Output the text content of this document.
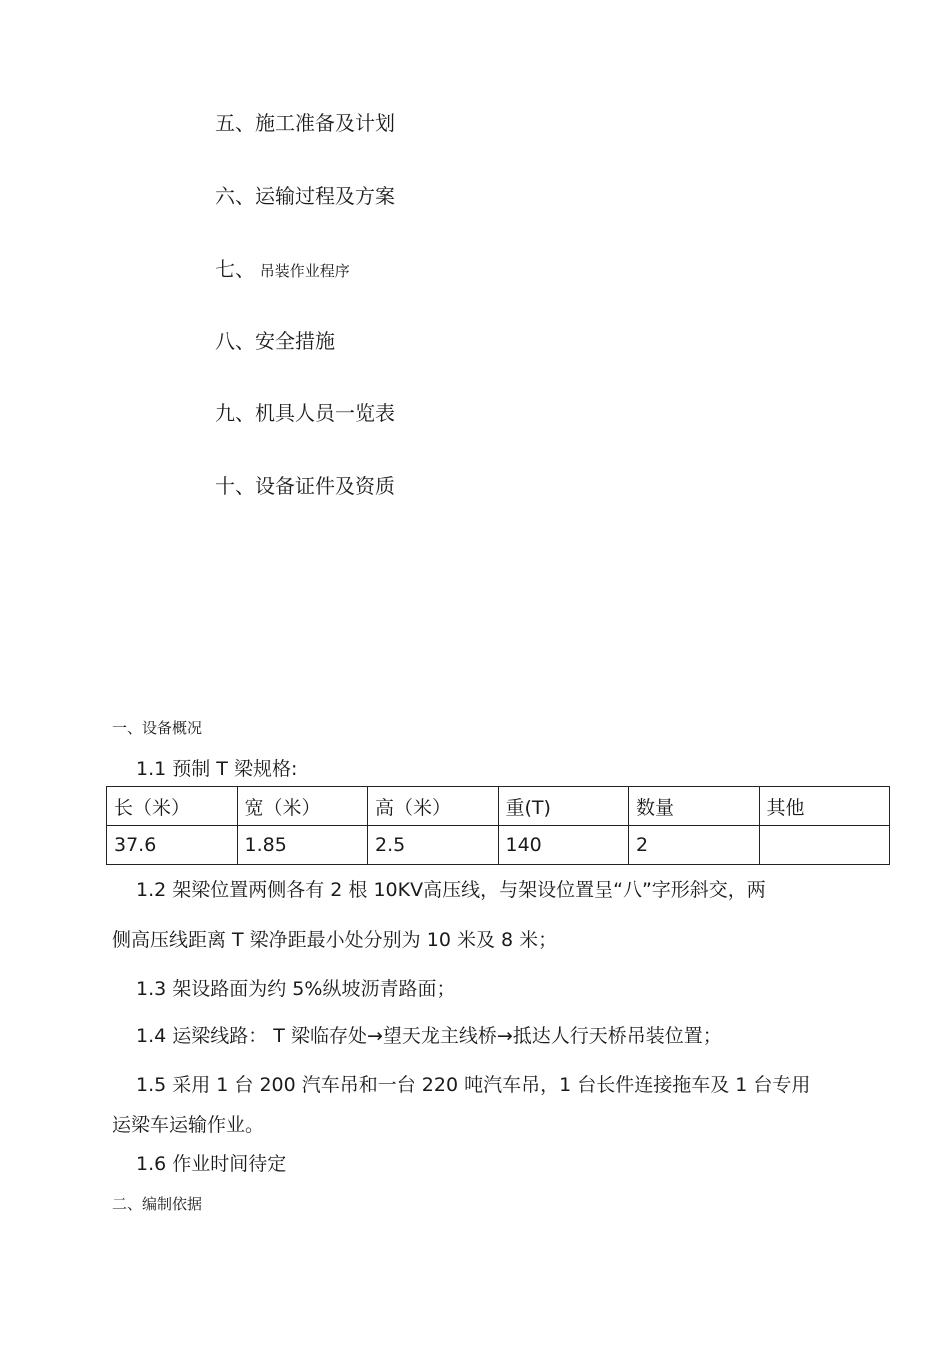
五、施工准备及计划
六、运输过程及方案
七、 吊装作业程序
八、安全措施
九、机具人员一览表
十、设备证件及资质
一、设备概况
1.1 预制 T 梁规格:
长（米）	宽（米）	高（米）	重(T)	数量	其他
37.6	1.85	2.5	140	2	
1.2 架梁位置两侧各有 2 根 10KV高压线，与架设位置呈“八”字形斜交，两
侧高压线距离 T 梁净距最小处分别为 10 米及 8 米；
1.3 架设路面为约 5%纵坡沥青路面；
1.4 运梁线路： T 梁临存处→望天龙主线桥→抵达人行天桥吊装位置；
1.5 采用 1 台 200 汽车吊和一台 220 吨汽车吊，1 台长件连接拖车及 1 台专用
运梁车运输作业。
1.6 作业时间待定
二、编制依据
